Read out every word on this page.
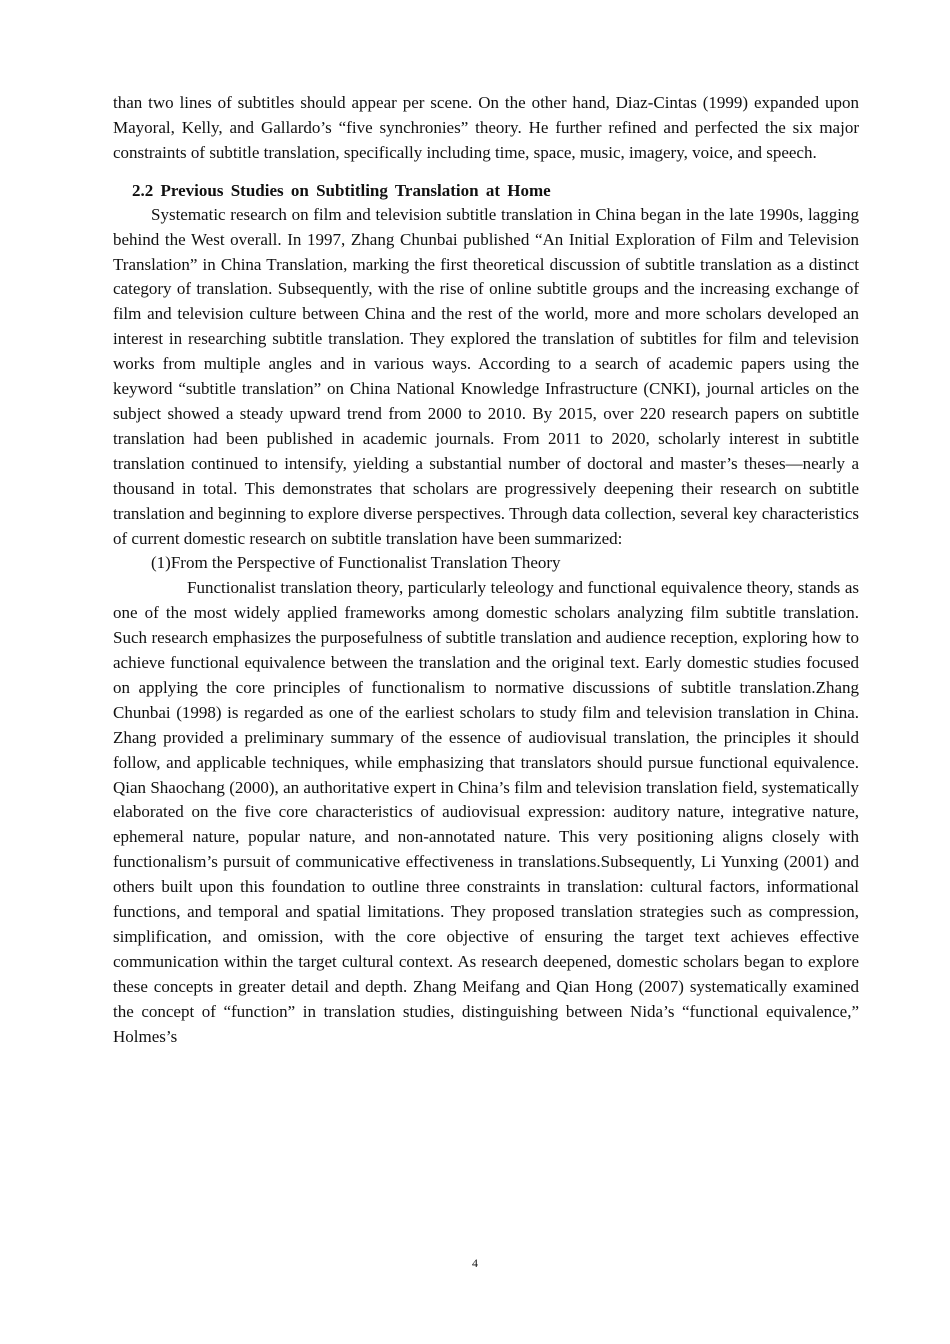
than two lines of subtitles should appear per scene. On the other hand, Diaz-Cintas (1999) expanded upon Mayoral, Kelly, and Gallardo’s “five synchronies” theory. He further refined and perfected the six major constraints of subtitle translation, specifically including time, space, music, imagery, voice, and speech.

2.2 Previous Studies on Subtitling Translation at Home

Systematic research on film and television subtitle translation in China began in the late 1990s, lagging behind the West overall. In 1997, Zhang Chunbai published “An Initial Exploration of Film and Television Translation” in China Translation, marking the first theoretical discussion of subtitle translation as a distinct category of translation. Subsequently, with the rise of online subtitle groups and the increasing exchange of film and television culture between China and the rest of the world, more and more scholars developed an interest in researching subtitle translation. They explored the translation of subtitles for film and television works from multiple angles and in various ways. According to a search of academic papers using the keyword “subtitle translation” on China National Knowledge Infrastructure (CNKI), journal articles on the subject showed a steady upward trend from 2000 to 2010. By 2015, over 220 research papers on subtitle translation had been published in academic journals. From 2011 to 2020, scholarly interest in subtitle translation continued to intensify, yielding a substantial number of doctoral and master’s theses—nearly a thousand in total. This demonstrates that scholars are progressively deepening their research on subtitle translation and beginning to explore diverse perspectives. Through data collection, several key characteristics of current domestic research on subtitle translation have been summarized:

(1)From the Perspective of Functionalist Translation Theory

Functionalist translation theory, particularly teleology and functional equivalence theory, stands as one of the most widely applied frameworks among domestic scholars analyzing film subtitle translation. Such research emphasizes the purposefulness of subtitle translation and audience reception, exploring how to achieve functional equivalence between the translation and the original text. Early domestic studies focused on applying the core principles of functionalism to normative discussions of subtitle translation.Zhang Chunbai (1998) is regarded as one of the earliest scholars to study film and television translation in China. Zhang provided a preliminary summary of the essence of audiovisual translation, the principles it should follow, and applicable techniques, while emphasizing that translators should pursue functional equivalence. Qian Shaochang (2000), an authoritative expert in China’s film and television translation field, systematically elaborated on the five core characteristics of audiovisual expression: auditory nature, integrative nature, ephemeral nature, popular nature, and non-annotated nature. This very positioning aligns closely with functionalism’s pursuit of communicative effectiveness in translations.Subsequently, Li Yunxing (2001) and others built upon this foundation to outline three constraints in translation: cultural factors, informational functions, and temporal and spatial limitations. They proposed translation strategies such as compression, simplification, and omission, with the core objective of ensuring the target text achieves effective communication within the target cultural context. As research deepened, domestic scholars began to explore these concepts in greater detail and depth. Zhang Meifang and Qian Hong (2007) systematically examined the concept of “function” in translation studies, distinguishing between Nida’s “functional equivalence,” Holmes’s

4
